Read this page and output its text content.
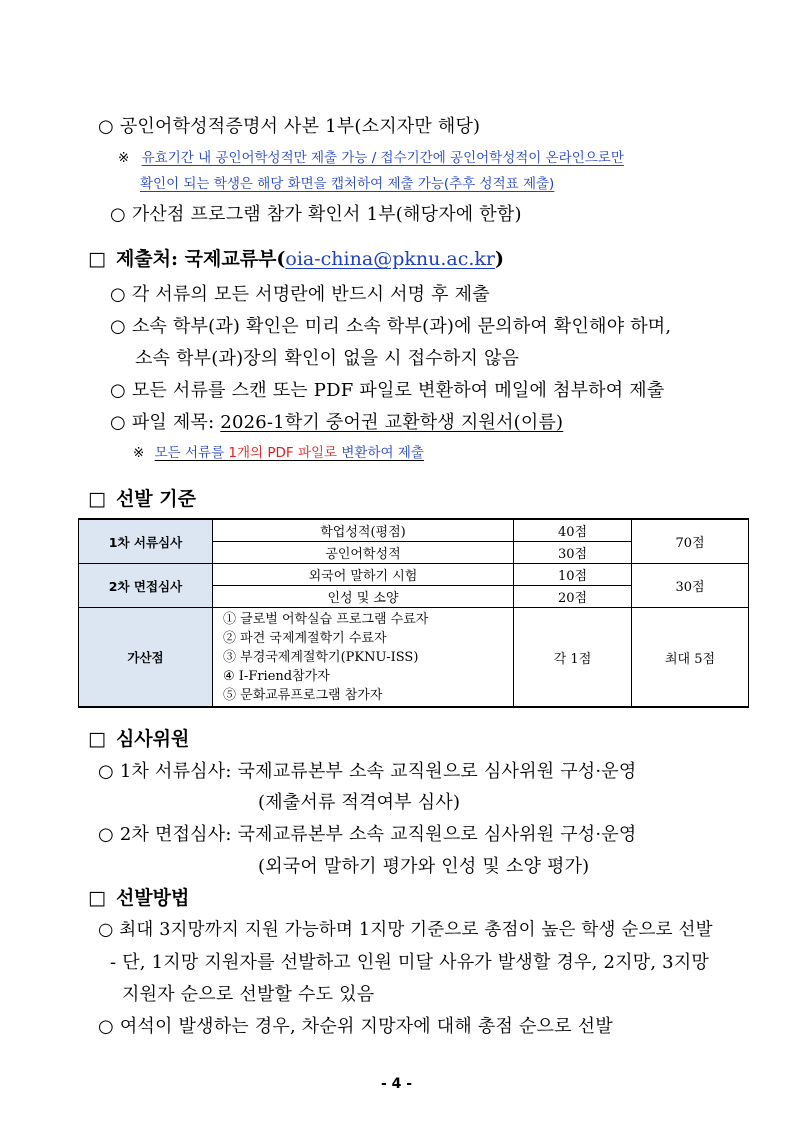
○ 공인어학성적증명서 사본 1부(소지자만 해당)
※ 유효기간 내 공인어학성적만 제출 가능 / 접수기간에 공인어학성적이 온라인으로만
확인이 되는 학생은 해당 화면을 캡처하여 제출 가능(추후 성적표 제출)
○ 가산점 프로그램 참가 확인서 1부(해당자에 한함)
□ 제출처: 국제교류부(oia-china@pknu.ac.kr)
○ 각 서류의 모든 서명란에 반드시 서명 후 제출
○ 소속 학부(과) 확인은 미리 소속 학부(과)에 문의하여 확인해야 하며,
소속 학부(과)장의 확인이 없을 시 접수하지 않음
○ 모든 서류를 스캔 또는 PDF 파일로 변환하여 메일에 첨부하여 제출
○ 파일 제목: 2026-1학기 중어권 교환학생 지원서(이름)
※ 모든 서류를 1개의 PDF 파일로 변환하여 제출
□ 선발 기준
1차 서류심사	학업성적(평점)	40점	70점
	공인어학성적	30점	
2차 면접심사	외국어 말하기 시험	10점	30점
	인성 및 소양	20점	
가산점	① 글로벌 어학실습 프로그램 수료자
② 파견 국제계절학기 수료자
③ 부경국제계절학기(PKNU-ISS)
④ I-Friend참가자
⑤ 문화교류프로그램 참가자	각 1점	최대 5점
□ 심사위원
○ 1차 서류심사: 국제교류본부 소속 교직원으로 심사위원 구성·운영
(제출서류 적격여부 심사)
○ 2차 면접심사: 국제교류본부 소속 교직원으로 심사위원 구성·운영
(외국어 말하기 평가와 인성 및 소양 평가)
□ 선발방법
○ 최대 3지망까지 지원 가능하며 1지망 기준으로 총점이 높은 학생 순으로 선발
- 단, 1지망 지원자를 선발하고 인원 미달 사유가 발생할 경우, 2지망, 3지망
지원자 순으로 선발할 수도 있음
○ 여석이 발생하는 경우, 차순위 지망자에 대해 총점 순으로 선발
- 4 -
